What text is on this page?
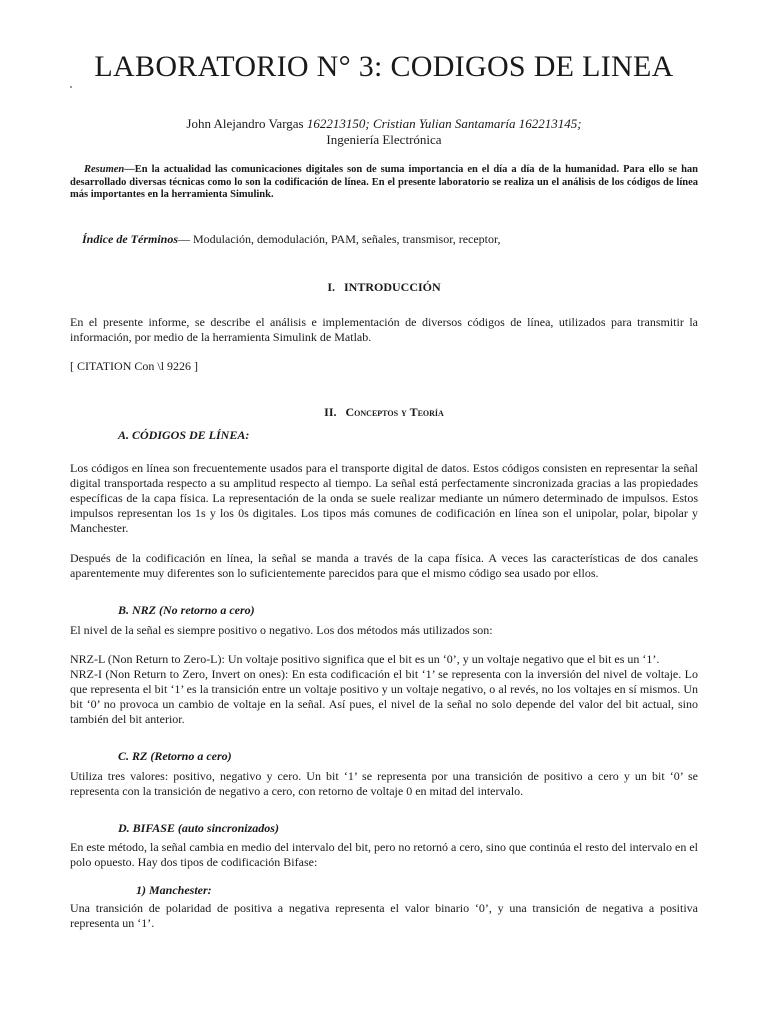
LABORATORIO N° 3: CODIGOS DE LINEA
John Alejandro Vargas 162213150; Cristian Yulian Santamaría 162213145;
Ingeniería Electrónica
Resumen—En la actualidad las comunicaciones digitales son de suma importancia en el día a día de la humanidad. Para ello se han desarrollado diversas técnicas como lo son la codificación de línea. En el presente laboratorio se realiza un el análisis de los códigos de línea más importantes en la herramienta Simulink.
Índice de Términos— Modulación, demodulación, PAM, señales, transmisor, receptor,
I. INTRODUCCIÓN
En el presente informe, se describe el análisis e implementación de diversos códigos de línea, utilizados para transmitir la información, por medio de la herramienta Simulink de Matlab.
[ CITATION Con \l 9226 ]
II. Conceptos y Teoría
A. CÓDIGOS DE LÍNEA:
Los códigos en línea son frecuentemente usados para el transporte digital de datos. Estos códigos consisten en representar la señal digital transportada respecto a su amplitud respecto al tiempo. La señal está perfectamente sincronizada gracias a las propiedades específicas de la capa física. La representación de la onda se suele realizar mediante un número determinado de impulsos. Estos impulsos representan los 1s y los 0s digitales. Los tipos más comunes de codificación en línea son el unipolar, polar, bipolar y Manchester.
Después de la codificación en línea, la señal se manda a través de la capa física. A veces las características de dos canales aparentemente muy diferentes son lo suficientemente parecidos para que el mismo código sea usado por ellos.
B. NRZ (No retorno a cero)
El nivel de la señal es siempre positivo o negativo. Los dos métodos más utilizados son:
NRZ-L (Non Return to Zero-L): Un voltaje positivo significa que el bit es un ‘0’, y un voltaje negativo que el bit es un ‘1’.
NRZ-I (Non Return to Zero, Invert on ones): En esta codificación el bit ‘1’ se representa con la inversión del nivel de voltaje. Lo que representa el bit ‘1’ es la transición entre un voltaje positivo y un voltaje negativo, o al revés, no los voltajes en sí mismos. Un bit ‘0’ no provoca un cambio de voltaje en la señal. Así pues, el nivel de la señal no solo depende del valor del bit actual, sino también del bit anterior.
C. RZ (Retorno a cero)
Utiliza tres valores: positivo, negativo y cero. Un bit ‘1’ se representa por una transición de positivo a cero y un bit ‘0’ se representa con la transición de negativo a cero, con retorno de voltaje 0 en mitad del intervalo.
D. BIFASE (auto sincronizados)
En este método, la señal cambia en medio del intervalo del bit, pero no retornó a cero, sino que continúa el resto del intervalo en el polo opuesto. Hay dos tipos de codificación Bifase:
1) Manchester:
Una transición de polaridad de positiva a negativa representa el valor binario ‘0’, y una transición de negativa a positiva representa un ‘1’.
